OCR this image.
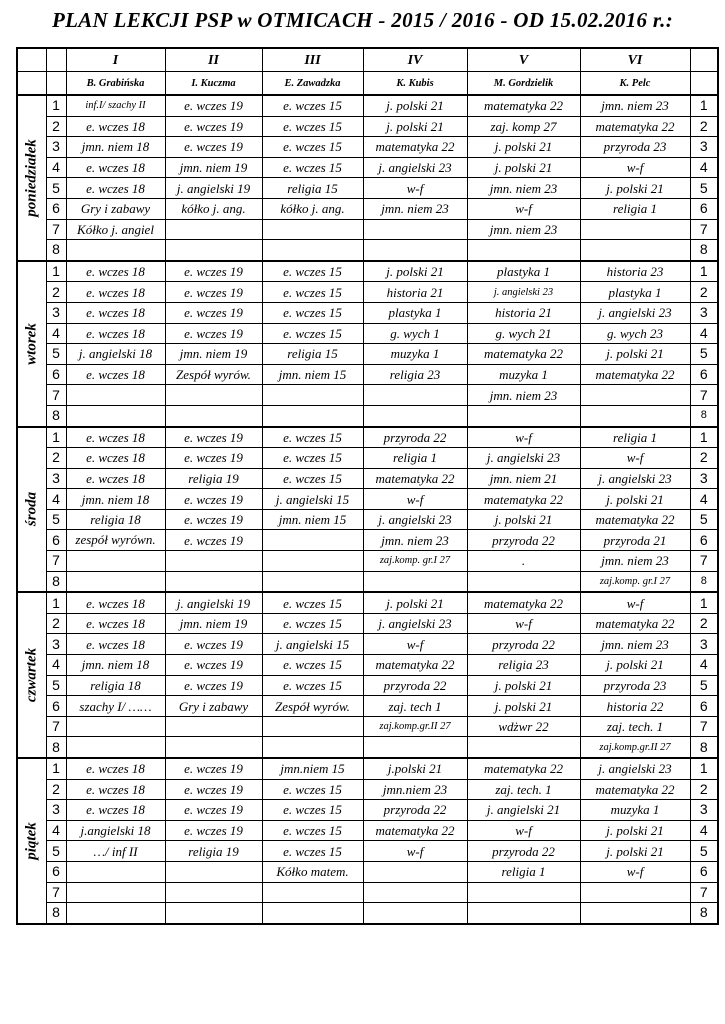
PLAN LEKCJI PSP w OTMICACH - 2015 / 2016 - OD 15.02.2016 r.:
		I	II	III	IV	V	VI	
		B. Grabińska	I. Kuczma	E. Zawadzka	K. Kubis	M. Gordzielik	K. Pelc	

poniedziałek	1	inf.I/ szachy II	e. wczes 19	e. wczes 15	j. polski 21	matematyka 22	jmn. niem 23	1
	2	e. wczes 18	e. wczes 19	e. wczes 15	j. polski 21	zaj. komp 27	matematyka 22	2
	3	jmn. niem 18	e. wczes 19	e. wczes 15	matematyka 22	j. polski 21	przyroda 23	3
	4	e. wczes 18	jmn. niem 19	e. wczes 15	j. angielski 23	j. polski 21	w-f	4
	5	e. wczes 18	j. angielski 19	religia 15	w-f	jmn. niem 23	j. polski 21	5
	6	Gry i zabawy	kółko j. ang.	kółko j. ang.	jmn. niem 23	w-f	religia 1	6
	7	Kółko j. angiel				jmn. niem 23		7
	8							8

wtorek	1	e. wczes 18	e. wczes 19	e. wczes 15	j. polski 21	plastyka 1	historia 23	1
	2	e. wczes 18	e. wczes 19	e. wczes 15	historia 21	j. angielski 23	plastyka 1	2
	3	e. wczes 18	e. wczes 19	e. wczes 15	plastyka 1	historia 21	j. angielski 23	3
	4	e. wczes 18	e. wczes 19	e. wczes 15	g. wych 1	g. wych 21	g. wych 23	4
	5	j. angielski 18	jmn. niem 19	religia 15	muzyka 1	matematyka 22	j. polski 21	5
	6	e. wczes 18	Zespół wyrów.	jmn. niem 15	religia 23	muzyka 1	matematyka 22	6
	7					jmn. niem 23		7
	8							8

środa	1	e. wczes 18	e. wczes 19	e. wczes 15	przyroda 22	w-f	religia 1	1
	2	e. wczes 18	e. wczes 19	e. wczes 15	religia 1	j. angielski 23	w-f	2
	3	e. wczes 18	religia 19	e. wczes 15	matematyka 22	jmn. niem 21	j. angielski 23	3
	4	jmn. niem 18	e. wczes 19	j. angielski 15	w-f	matematyka 22	j. polski 21	4
	5	religia 18	e. wczes 19	jmn. niem 15	j. angielski 23	j. polski 21	matematyka 22	5
	6	zespół wyrówn.	e. wczes 19		jmn. niem 23	przyroda 22	przyroda 21	6
	7				zaj.komp. gr.I 27	.	jmn. niem 23	7
	8						zaj.komp. gr.I 27	8

czwartek	1	e. wczes 18	j. angielski 19	e. wczes 15	j. polski 21	matematyka 22	w-f	1
	2	e. wczes 18	jmn. niem 19	e. wczes 15	j. angielski 23	w-f	matematyka 22	2
	3	e. wczes 18	e. wczes 19	j. angielski 15	w-f	przyroda 22	jmn. niem 23	3
	4	jmn. niem 18	e. wczes 19	e. wczes 15	matematyka 22	religia 23	j. polski 21	4
	5	religia 18	e. wczes 19	e. wczes 15	przyroda 22	j. polski 21	przyroda 23	5
	6	szachy I/ ……	Gry i zabawy	Zespół wyrów.	zaj. tech 1	j. polski 21	historia 22	6
	7				zaj.komp.gr.II 27	wdżwr 22	zaj. tech. 1	7
	8						zaj.komp.gr.II 27	8

piątek	1	e. wczes 18	e. wczes 19	jmn.niem 15	j.polski 21	matematyka 22	j. angielski 23	1
	2	e. wczes 18	e. wczes 19	e. wczes 15	jmn.niem 23	zaj. tech. 1	matematyka 22	2
	3	e. wczes 18	e. wczes 19	e. wczes 15	przyroda 22	j. angielski 21	muzyka 1	3
	4	j.angielski 18	e. wczes 19	e. wczes 15	matematyka 22	w-f	j. polski 21	4
	5	…/ inf II	religia 19	e. wczes 15	w-f	przyroda 22	j. polski 21	5
	6			Kółko matem.		religia 1	w-f	6
	7							7
	8							8
